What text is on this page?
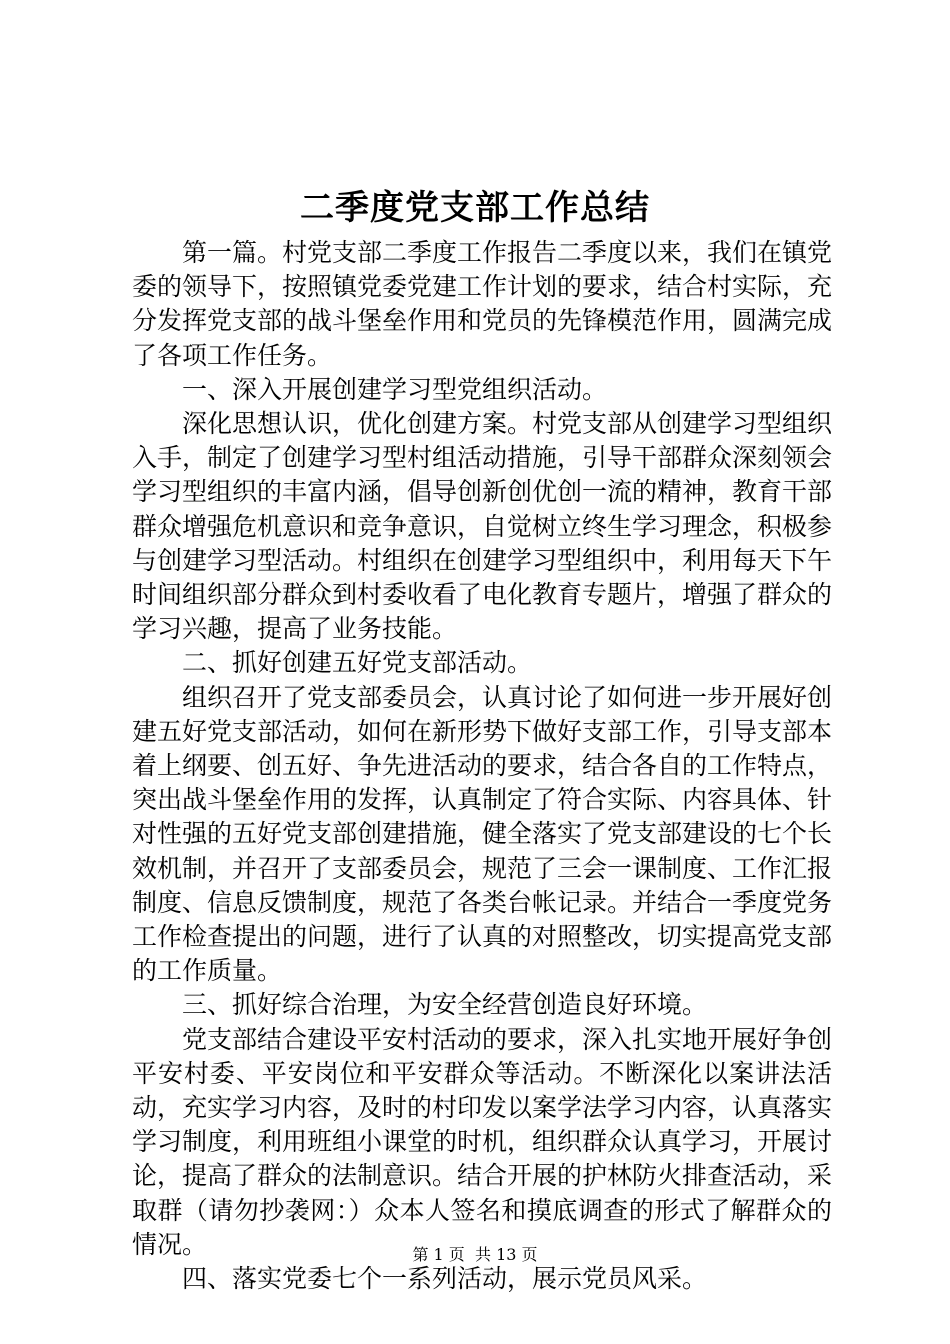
二季度党支部工作总结

第一篇。村党支部二季度工作报告二季度以来，我们在镇党委的领导下，按照镇党委党建工作计划的要求，结合村实际，充分发挥党支部的战斗堡垒作用和党员的先锋模范作用，圆满完成了各项工作任务。

一、深入开展创建学习型党组织活动。

深化思想认识，优化创建方案。村党支部从创建学习型组织入手，制定了创建学习型村组活动措施，引导干部群众深刻领会学习型组织的丰富内涵，倡导创新创优创一流的精神，教育干部群众增强危机意识和竞争意识，自觉树立终生学习理念，积极参与创建学习型活动。村组织在创建学习型组织中，利用每天下午时间组织部分群众到村委收看了电化教育专题片，增强了群众的学习兴趣，提高了业务技能。

二、抓好创建五好党支部活动。

组织召开了党支部委员会，认真讨论了如何进一步开展好创建五好党支部活动，如何在新形势下做好支部工作，引导支部本着上纲要、创五好、争先进活动的要求，结合各自的工作特点，突出战斗堡垒作用的发挥，认真制定了符合实际、内容具体、针对性强的五好党支部创建措施，健全落实了党支部建设的七个长效机制，并召开了支部委员会，规范了三会一课制度、工作汇报制度、信息反馈制度，规范了各类台帐记录。并结合一季度党务工作检查提出的问题，进行了认真的对照整改，切实提高党支部的工作质量。

三、抓好综合治理，为安全经营创造良好环境。

党支部结合建设平安村活动的要求，深入扎实地开展好争创平安村委、平安岗位和平安群众等活动。不断深化以案讲法活动，充实学习内容，及时的村印发以案学法学习内容，认真落实学习制度，利用班组小课堂的时机，组织群众认真学习，开展讨论，提高了群众的法制意识。结合开展的护林防火排查活动，采取群（请勿抄袭网：）众本人签名和摸底调查的形式了解群众的情况。

四、落实党委七个一系列活动，展示党员风采。

第 1 页 共 13 页
